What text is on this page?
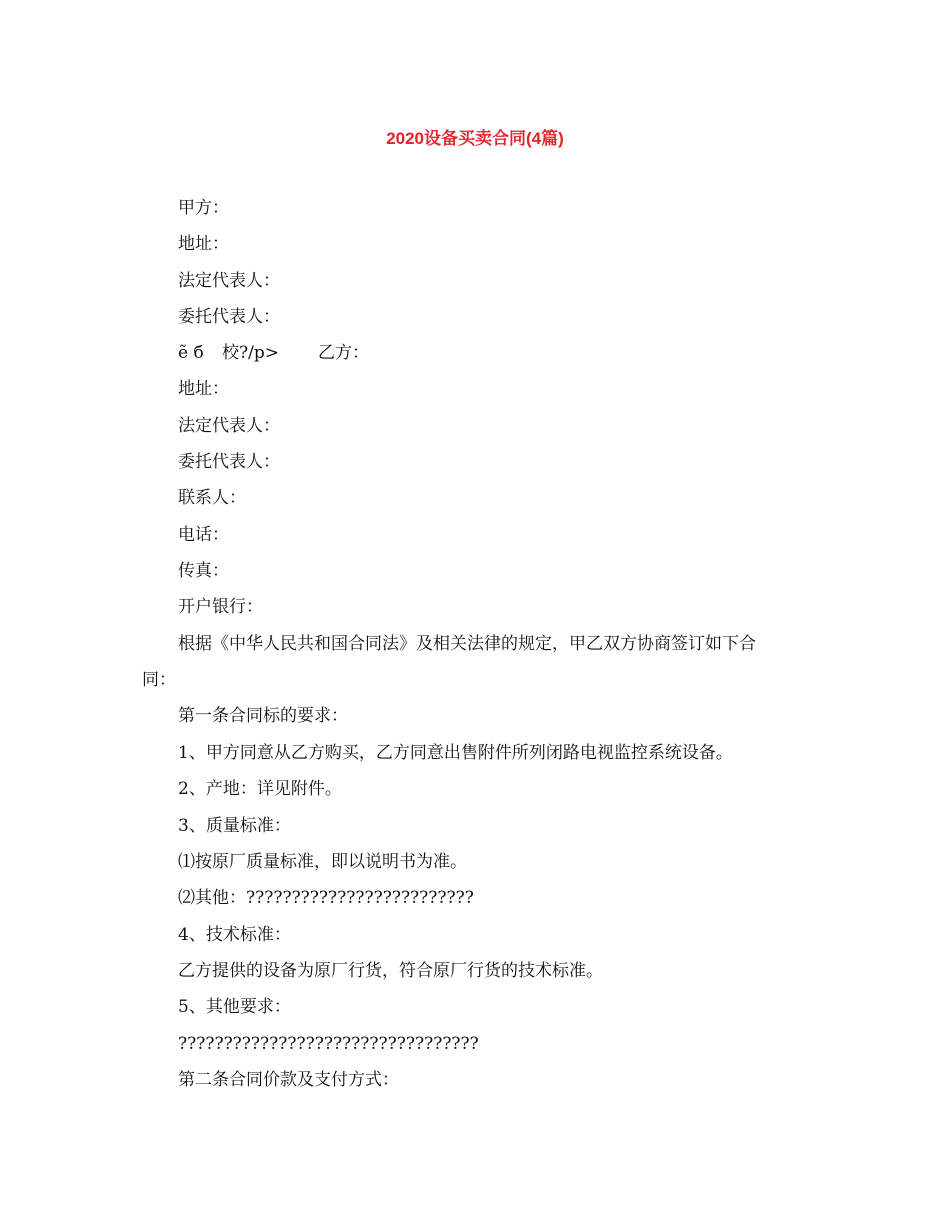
2020设备买卖合同(4篇)
甲方：
地址：
法定代表人：
委托代表人：
ẽ б 校?/p> 乙方：
地址：
法定代表人：
委托代表人：
联系人：
电话：
传真：
开户银行：
根据《中华人民共和国合同法》及相关法律的规定，甲乙双方协商签订如下合
同：
第一条合同标的要求：
1、甲方同意从乙方购买，乙方同意出售附件所列闭路电视监控系统设备。
2、产地：详见附件。
3、质量标准：
⑴按原厂质量标准，即以说明书为准。
⑵其他：?????????????????????????
4、技术标准：
乙方提供的设备为原厂行货，符合原厂行货的技术标准。
5、其他要求：
?????????????????????????????????
第二条合同价款及支付方式：
